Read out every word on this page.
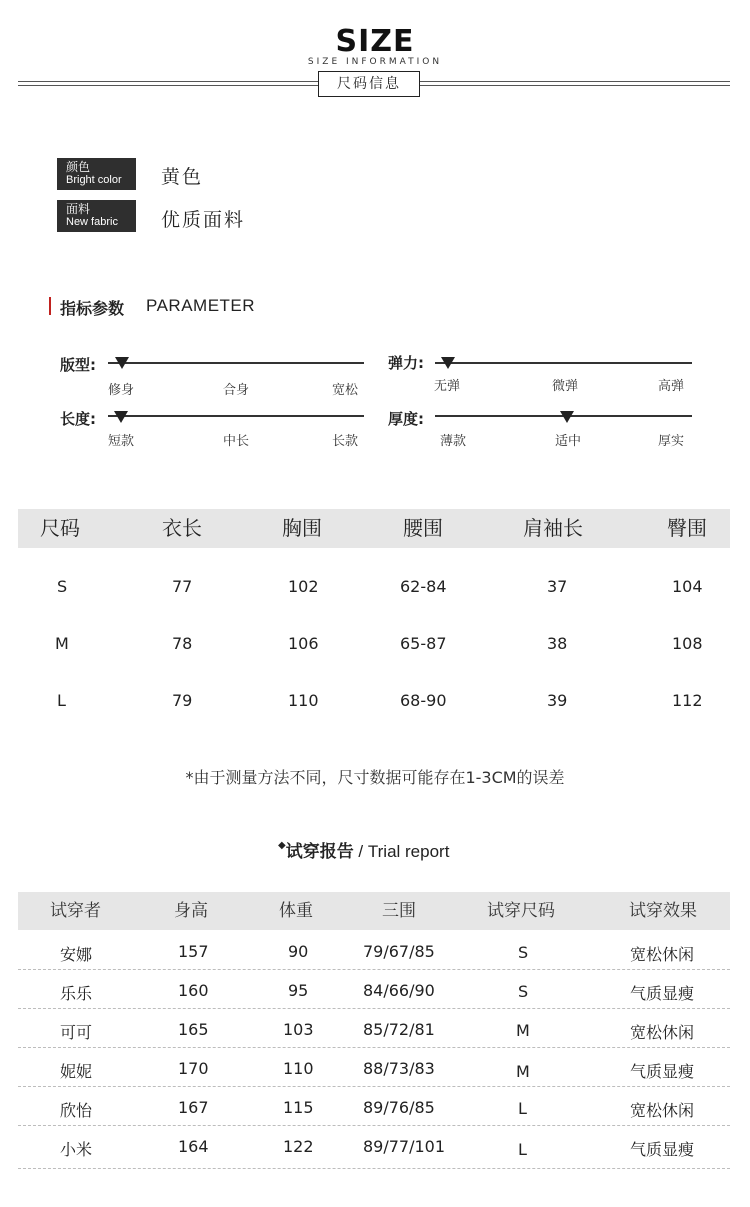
SIZE
SIZE INFORMATION
尺码信息
颜色
Bright color 黄色
面料
New fabric 优质面料
指标参数 PARAMETER
版型:
修身	合身	宽松
弹力:
无弹	微弹	高弹
长度:
短款	中长	长款
厚度:
薄款	适中	厚实
尺码	衣长	胸围	腰围	肩袖长	臀围
S	77	102	62-84	37	104
M	78	106	65-87	38	108
L	79	110	68-90	39	112
*由于测量方法不同，尺寸数据可能存在1-3CM的误差
◆试穿报告 / Trial report
试穿者	身高	体重	三围	试穿尺码	试穿效果
安娜	157	90	79/67/85	S	宽松休闲
乐乐	160	95	84/66/90	S	气质显瘦
可可	165	103	85/72/81	M	宽松休闲
妮妮	170	110	88/73/83	M	气质显瘦
欣怡	167	115	89/76/85	L	宽松休闲
小米	164	122	89/77/101	L	气质显瘦
